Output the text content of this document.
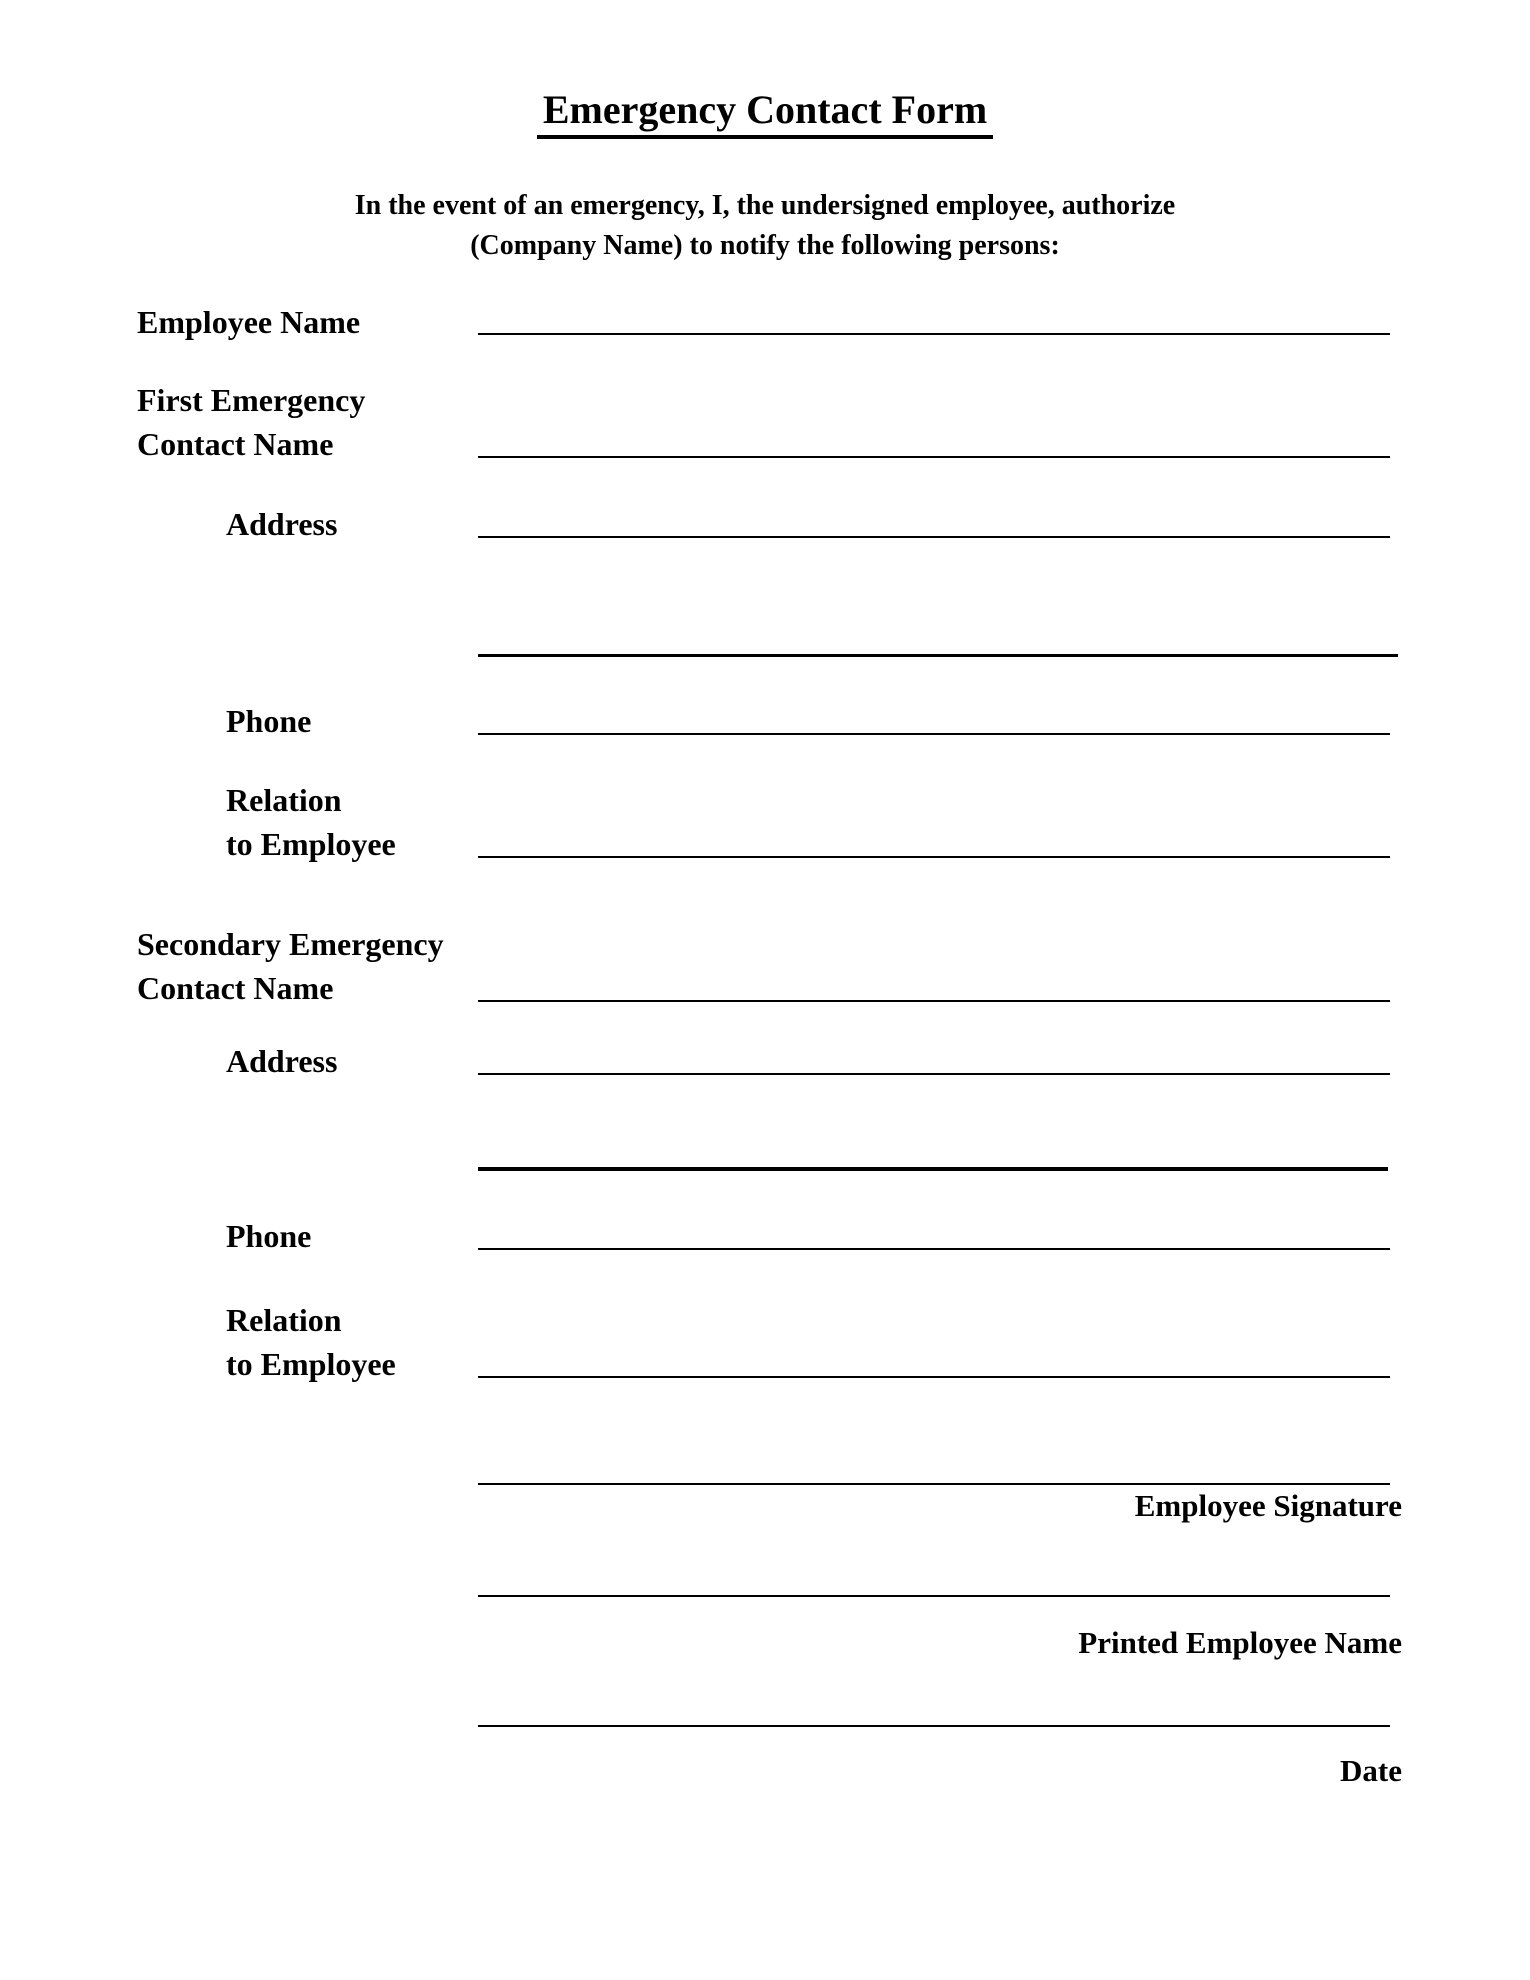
Emergency Contact Form
In the event of an emergency, I, the undersigned employee, authorize
(Company Name) to notify the following persons:
Employee Name
First Emergency
Contact Name
Address
Phone
Relation
to Employee
Secondary Emergency
Contact Name
Address
Phone
Relation
to Employee
Employee Signature
Printed Employee Name
Date
